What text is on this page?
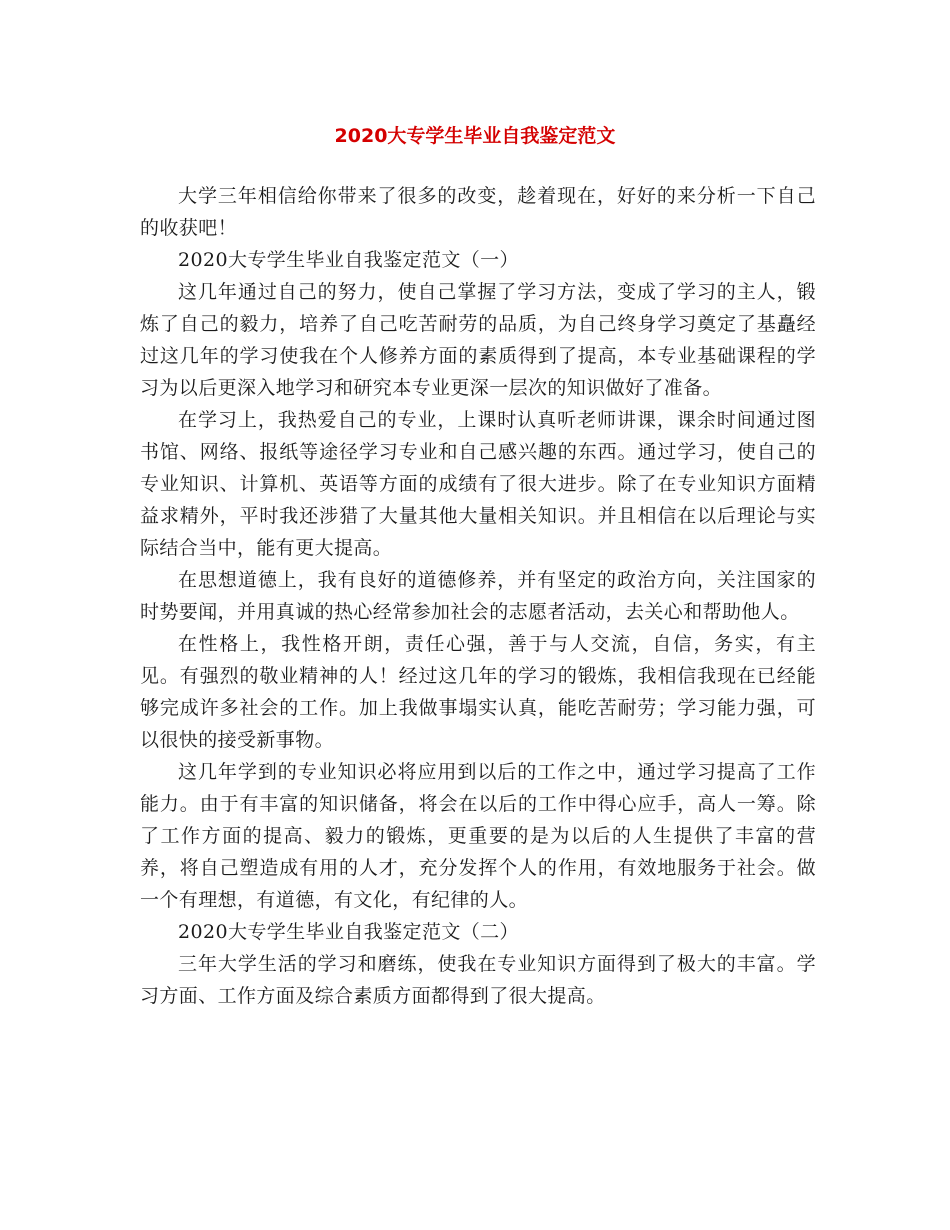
2020大专学生毕业自我鉴定范文

大学三年相信给你带来了很多的改变，趁着现在，好好的来分析一下自己的收获吧！

2020大专学生毕业自我鉴定范文（一）

这几年通过自己的努力，使自己掌握了学习方法，变成了学习的主人，锻炼了自己的毅力，培养了自己吃苦耐劳的品质，为自己终身学习奠定了基矗经过这几年的学习使我在个人修养方面的素质得到了提高，本专业基础课程的学习为以后更深入地学习和研究本专业更深一层次的知识做好了准备。

在学习上，我热爱自己的专业，上课时认真听老师讲课，课余时间通过图书馆、网络、报纸等途径学习专业和自己感兴趣的东西。通过学习，使自己的专业知识、计算机、英语等方面的成绩有了很大进步。除了在专业知识方面精益求精外，平时我还涉猎了大量其他大量相关知识。并且相信在以后理论与实际结合当中，能有更大提高。

在思想道德上，我有良好的道德修养，并有坚定的政治方向，关注国家的时势要闻，并用真诚的热心经常参加社会的志愿者活动，去关心和帮助他人。

在性格上，我性格开朗，责任心强，善于与人交流，自信，务实，有主见。有强烈的敬业精神的人！经过这几年的学习的锻炼，我相信我现在已经能够完成许多社会的工作。加上我做事塌实认真，能吃苦耐劳；学习能力强，可以很快的接受新事物。

这几年学到的专业知识必将应用到以后的工作之中，通过学习提高了工作能力。由于有丰富的知识储备，将会在以后的工作中得心应手，高人一筹。除了工作方面的提高、毅力的锻炼，更重要的是为以后的人生提供了丰富的营养，将自己塑造成有用的人才，充分发挥个人的作用，有效地服务于社会。做一个有理想，有道德，有文化，有纪律的人。

2020大专学生毕业自我鉴定范文（二）

三年大学生活的学习和磨练，使我在专业知识方面得到了极大的丰富。学习方面、工作方面及综合素质方面都得到了很大提高。
